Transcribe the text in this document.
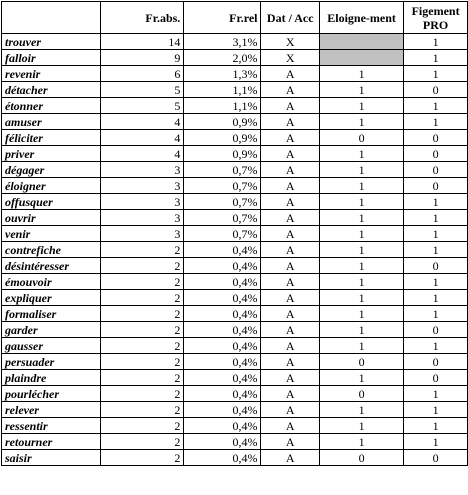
	Fr.abs.	Fr.rel	Dat / Acc	Eloigne-ment	Figement PRO
trouver	14	3,1%	X		1
falloir	9	2,0%	X		1
revenir	6	1,3%	A	1	1
détacher	5	1,1%	A	1	0
étonner	5	1,1%	A	1	1
amuser	4	0,9%	A	1	1
féliciter	4	0,9%	A	0	0
priver	4	0,9%	A	1	0
dégager	3	0,7%	A	1	0
éloigner	3	0,7%	A	1	0
offusquer	3	0,7%	A	1	1
ouvrir	3	0,7%	A	1	1
venir	3	0,7%	A	1	1
contrefiche	2	0,4%	A	1	1
désintéresser	2	0,4%	A	1	0
émouvoir	2	0,4%	A	1	1
expliquer	2	0,4%	A	1	1
formaliser	2	0,4%	A	1	1
garder	2	0,4%	A	1	0
gausser	2	0,4%	A	1	1
persuader	2	0,4%	A	0	0
plaindre	2	0,4%	A	1	0
pourlécher	2	0,4%	A	0	1
relever	2	0,4%	A	1	1
ressentir	2	0,4%	A	1	1
retourner	2	0,4%	A	1	1
saisir	2	0,4%	A	0	0
